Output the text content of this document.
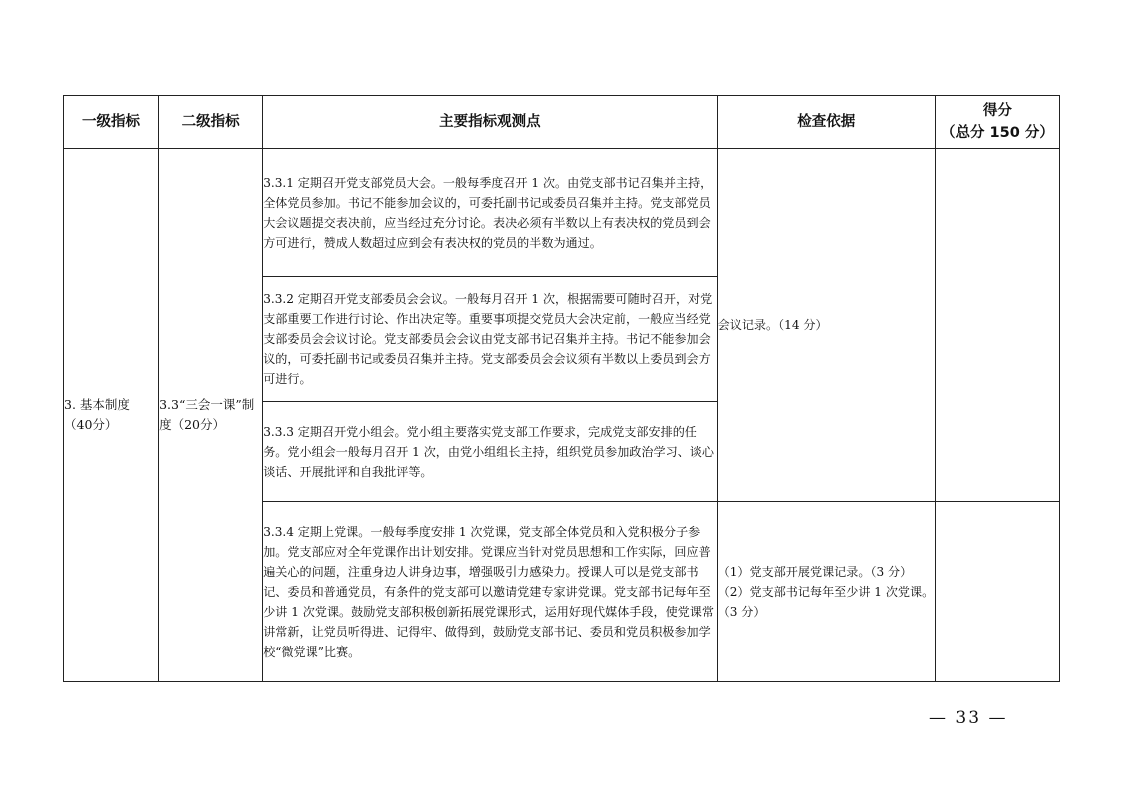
一级指标	二级指标	主要指标观测点	检查依据	得分
（总分 150 分）

3. 基本制度（40分）	3.3“三会一课”制度（20分）	3.3.1 定期召开党支部党员大会。一般每季度召开 1 次。由党支部书记召集并主持，全体党员参加。书记不能参加会议的，可委托副书记或委员召集并主持。党支部党员大会议题提交表决前，应当经过充分讨论。表决必须有半数以上有表决权的党员到会方可进行，赞成人数超过应到会有表决权的党员的半数为通过。	会议记录。（14 分）	
		3.3.2 定期召开党支部委员会会议。一般每月召开 1 次，根据需要可随时召开，对党支部重要工作进行讨论、作出决定等。重要事项提交党员大会决定前，一般应当经党支部委员会会议讨论。党支部委员会会议由党支部书记召集并主持。书记不能参加会议的，可委托副书记或委员召集并主持。党支部委员会会议须有半数以上委员到会方可进行。		
		3.3.3 定期召开党小组会。党小组主要落实党支部工作要求，完成党支部安排的任务。党小组会一般每月召开 1 次，由党小组组长主持，组织党员参加政治学习、谈心谈话、开展批评和自我批评等。		
		3.3.4 定期上党课。一般每季度安排 1 次党课，党支部全体党员和入党积极分子参加。党支部应对全年党课作出计划安排。党课应当针对党员思想和工作实际，回应普遍关心的问题，注重身边人讲身边事，增强吸引力感染力。授课人可以是党支部书记、委员和普通党员，有条件的党支部可以邀请党建专家讲党课。党支部书记每年至少讲 1 次党课。鼓励党支部积极创新拓展党课形式，运用好现代媒体手段，使党课常讲常新，让党员听得进、记得牢、做得到，鼓励党支部书记、委员和党员积极参加学校“微党课”比赛。	（1）党支部开展党课记录。（3 分）
（2）党支部书记每年至少讲 1 次党课。（3 分）	

— 33 —
